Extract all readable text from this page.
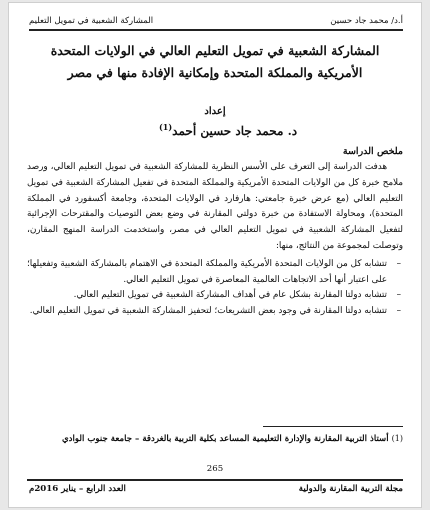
أ.د/ محمد جاد حسين
المشاركة الشعبية في تمويل التعليم
المشاركة الشعبية في تمويل التعليم العالي في الولايات المتحدة
الأمريكية والمملكة المتحدة وإمكانية الإفادة منها في مصر
إعداد
د. محمد جاد حسين أحمد$^{(1)}$
ملخص الدراسة

هدفت الدراسة إلى التعرف على الأسس النظرية للمشاركة الشعبية في تمويل التعليم العالي، ورصد ملامح خبرة كل من الولايات المتحدة الأمريكية والمملكة المتحدة في تفعيل المشاركة الشعبية في تمويل التعليم العالي (مع عرض خبرة جامعتي: هارفارد في الولايات المتحدة، وجامعة أكسفورد في المملكة المتحدة)، ومحاولة الاستفادة من خبرة دولتي المقارنة في وضع بعض التوصيات والمقترحات الإجرائية لتفعيل المشاركة الشعبية في تمويل التعليم العالي في مصر، واستخدمت الدراسة المنهج المقارن، وتوصلت لمجموعة من النتائج، منها:

–
تتشابه كل من الولايات المتحدة الأمريكية والمملكة المتحدة في الاهتمام بالمشاركة الشعبية وتفعيلها؛ على اعتبار أنها أحد الاتجاهات العالمية المعاصرة في تمويل التعليم العالي.
–
تتشابه دولتا المقارنة بشكل عام في أهداف المشاركة الشعبية في تمويل التعليم العالي.
–
تتشابه دولتا المقارنة في وجود بعض التشريعات؛ لتحفيز المشاركة الشعبية في تمويل التعليم العالي.
(1) أستاذ التربية المقارنة والإدارة التعليمية المساعد بكلية التربية بالغردقة – جامعة جنوب الوادي
265
مجلة التربية المقارنة والدولية
العدد الرابع – يناير 2016م
